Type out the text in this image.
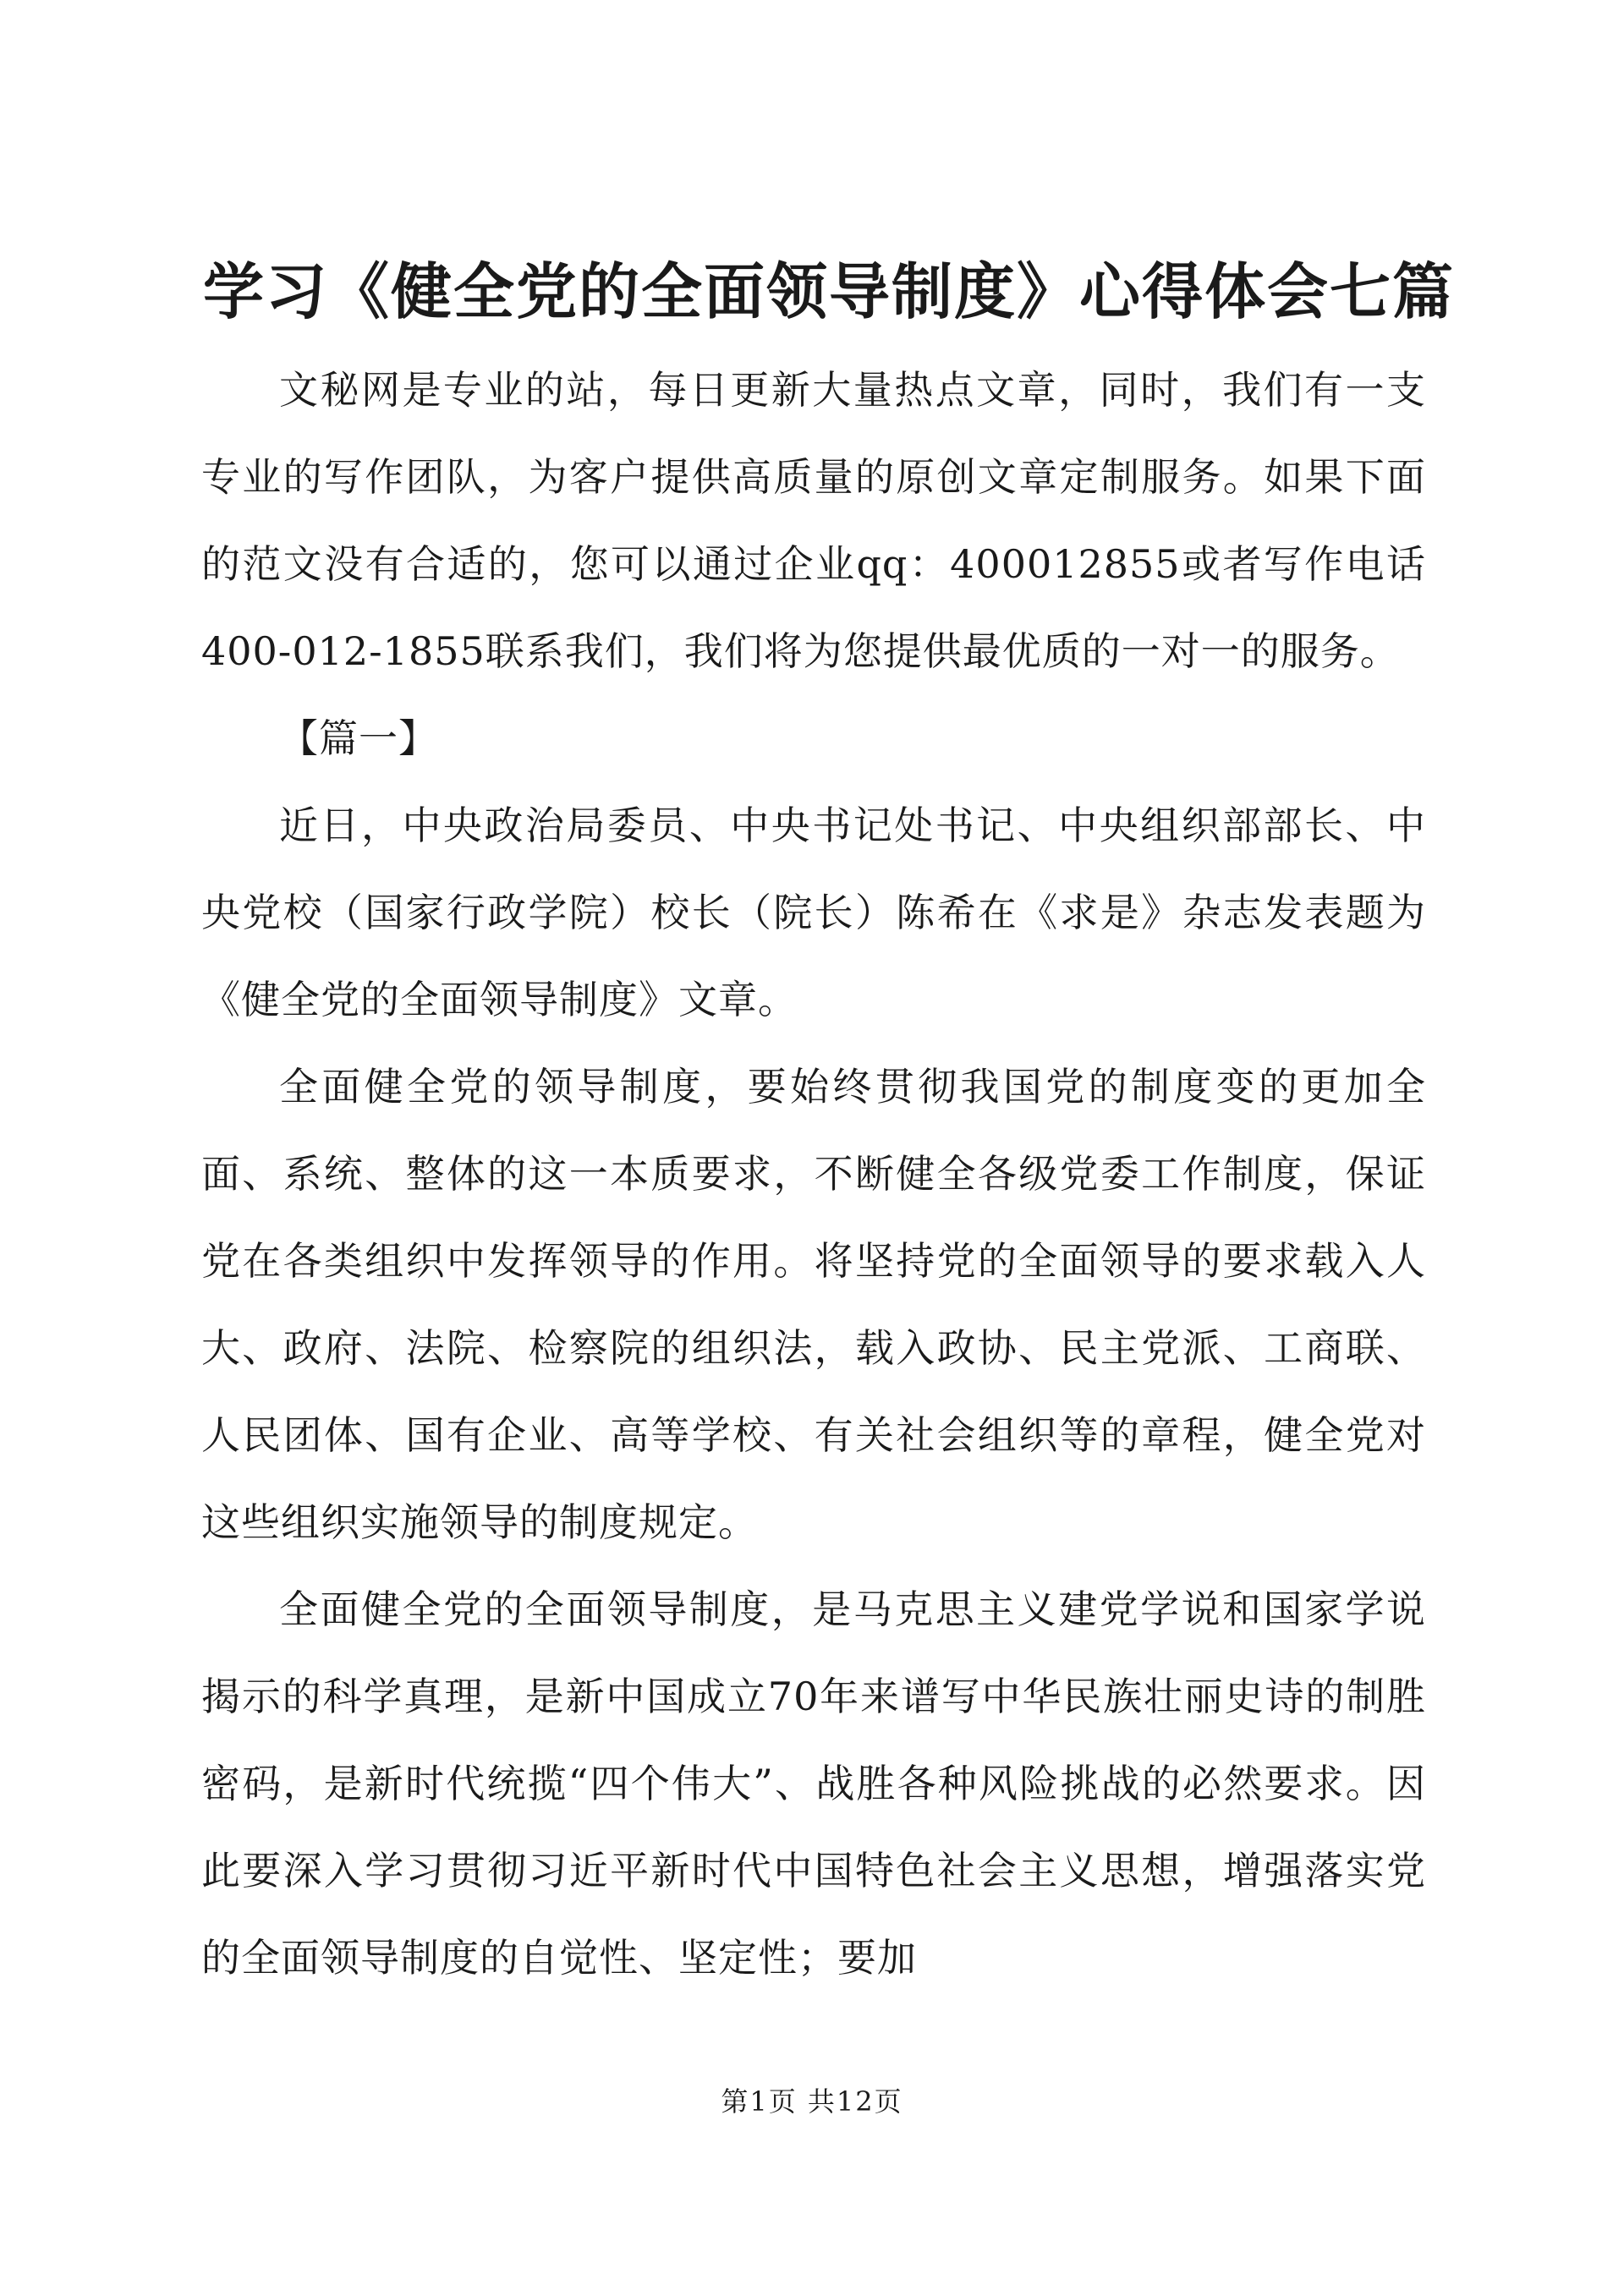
学习《健全党的全面领导制度》心得体会七篇

文秘网是专业的站，每日更新大量热点文章，同时，我们有一支专业的写作团队，为客户提供高质量的原创文章定制服务。如果下面的范文没有合适的，您可以通过企业qq：400012855或者写作电话400-012-1855联系我们，我们将为您提供最优质的一对一的服务。

【篇一】

近日，中央政治局委员、中央书记处书记、中央组织部部长、中央党校（国家行政学院）校长（院长）陈希在《求是》杂志发表题为《健全党的全面领导制度》文章。

全面健全党的领导制度，要始终贯彻我国党的制度变的更加全面、系统、整体的这一本质要求，不断健全各级党委工作制度，保证党在各类组织中发挥领导的作用。将坚持党的全面领导的要求载入人大、政府、法院、检察院的组织法，载入政协、民主党派、工商联、人民团体、国有企业、高等学校、有关社会组织等的章程，健全党对这些组织实施领导的制度规定。

全面健全党的全面领导制度，是马克思主义建党学说和国家学说揭示的科学真理，是新中国成立70年来谱写中华民族壮丽史诗的制胜密码，是新时代统揽“四个伟大”、战胜各种风险挑战的必然要求。因此要深入学习贯彻习近平新时代中国特色社会主义思想，增强落实党的全面领导制度的自觉性、坚定性；要加

第1页 共12页
